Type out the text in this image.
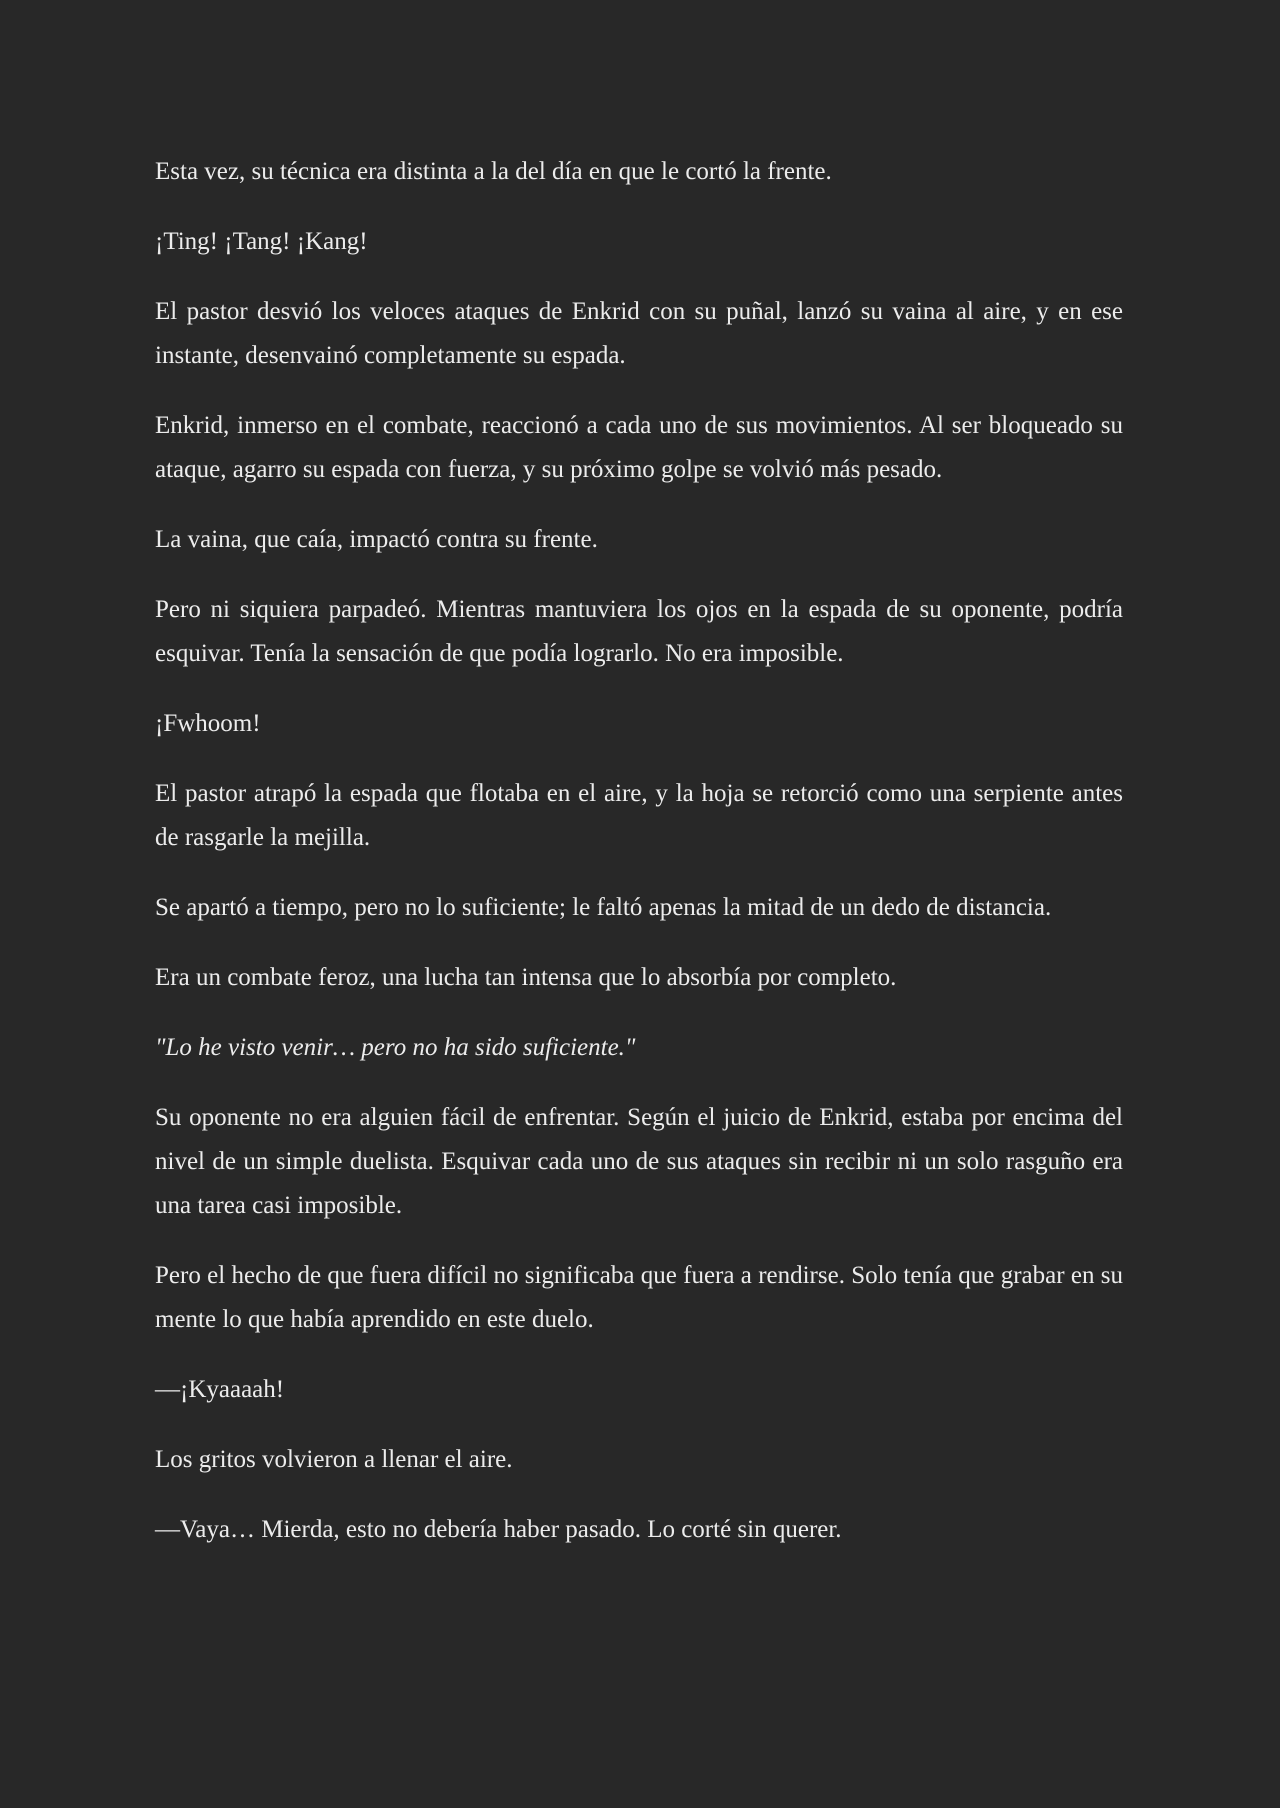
Esta vez, su técnica era distinta a la del día en que le cortó la frente.

¡Ting! ¡Tang! ¡Kang!

El pastor desvió los veloces ataques de Enkrid con su puñal, lanzó su vaina al aire, y en ese instante, desenvainó completamente su espada.

Enkrid, inmerso en el combate, reaccionó a cada uno de sus movimientos. Al ser bloqueado su ataque, agarro su espada con fuerza, y su próximo golpe se volvió más pesado.

La vaina, que caía, impactó contra su frente.

Pero ni siquiera parpadeó. Mientras mantuviera los ojos en la espada de su oponente, podría esquivar. Tenía la sensación de que podía lograrlo. No era imposible.

¡Fwhoom!

El pastor atrapó la espada que flotaba en el aire, y la hoja se retorció como una serpiente antes de rasgarle la mejilla.

Se apartó a tiempo, pero no lo suficiente; le faltó apenas la mitad de un dedo de distancia.

Era un combate feroz, una lucha tan intensa que lo absorbía por completo.

"Lo he visto venir… pero no ha sido suficiente."

Su oponente no era alguien fácil de enfrentar. Según el juicio de Enkrid, estaba por encima del nivel de un simple duelista. Esquivar cada uno de sus ataques sin recibir ni un solo rasguño era una tarea casi imposible.

Pero el hecho de que fuera difícil no significaba que fuera a rendirse. Solo tenía que grabar en su mente lo que había aprendido en este duelo.

—¡Kyaaaah!

Los gritos volvieron a llenar el aire.

—Vaya… Mierda, esto no debería haber pasado. Lo corté sin querer.
